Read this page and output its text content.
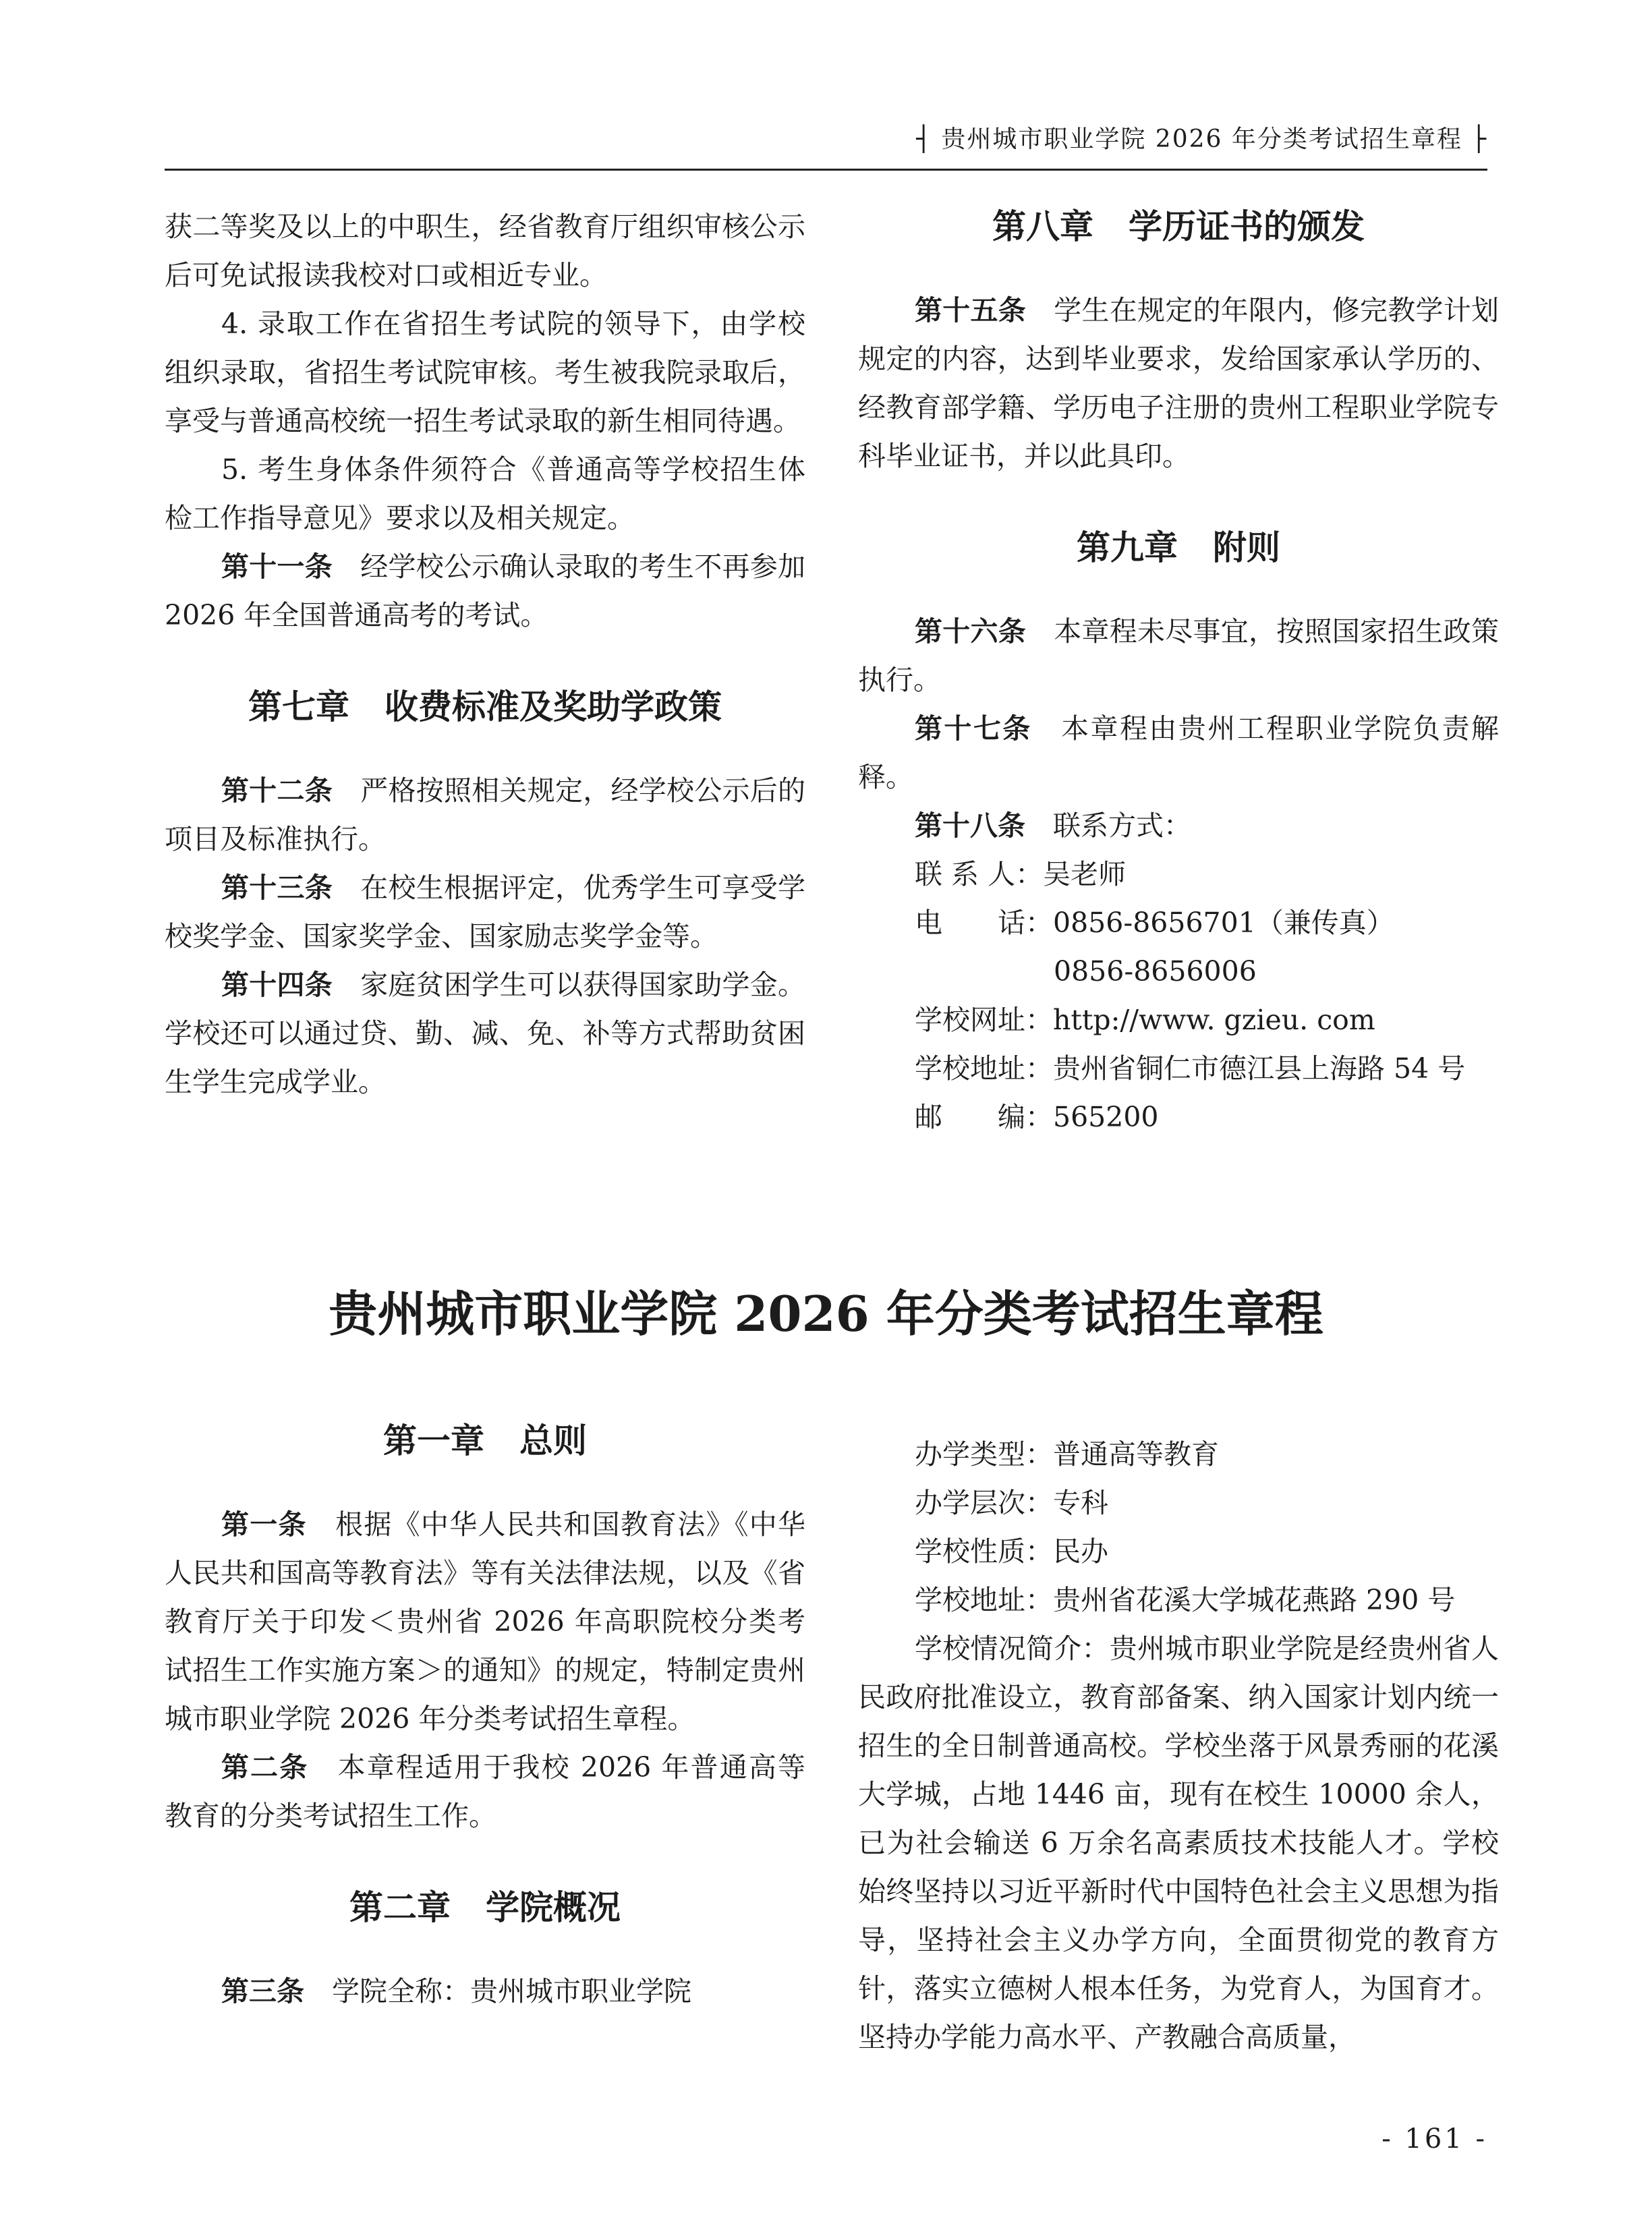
┤ 贵州城市职业学院 2026 年分类考试招生章程 ├

获二等奖及以上的中职生，经省教育厅组织审核公示后可免试报读我校对口或相近专业。

4. 录取工作在省招生考试院的领导下，由学校组织录取，省招生考试院审核。考生被我院录取后，享受与普通高校统一招生考试录取的新生相同待遇。

5. 考生身体条件须符合《普通高等学校招生体检工作指导意见》要求以及相关规定。

第十一条　 经学校公示确认录取的考生不再参加 2026 年全国普通高考的考试。

第七章 收费标准及奖助学政策

第十二条　 严格按照相关规定，经学校公示后的项目及标准执行。

第十三条　 在校生根据评定，优秀学生可享受学校奖学金、国家奖学金、国家励志奖学金等。

第十四条　 家庭贫困学生可以获得国家助学金。学校还可以通过贷、勤、减、免、补等方式帮助贫困生学生完成学业。

第八章 学历证书的颁发

第十五条　 学生在规定的年限内，修完教学计划规定的内容，达到毕业要求，发给国家承认学历的、经教育部学籍、学历电子注册的贵州工程职业学院专科毕业证书，并以此具印。

第九章 附则

第十六条　 本章程未尽事宜，按照国家招生政策执行。

第十七条　 本章程由贵州工程职业学院负责解释。

第十八条　 联系方式：

联 系 人：吴老师

电　　话：0856-8656701（兼传真）

0856-8656006

学校网址：http://www. gzieu. com

学校地址：贵州省铜仁市德江县上海路 54 号

邮　　编：565200

贵州城市职业学院 2026 年分类考试招生章程
第一章 总则

第一条　 根据《中华人民共和国教育法》《中华人民共和国高等教育法》等有关法律法规，以及《省教育厅关于印发＜贵州省 2026 年高职院校分类考试招生工作实施方案＞的通知》的规定，特制定贵州城市职业学院 2026 年分类考试招生章程。

第二条　 本章程适用于我校 2026 年普通高等教育的分类考试招生工作。

第二章 学院概况

第三条　 学院全称：贵州城市职业学院

办学类型：普通高等教育

办学层次：专科

学校性质：民办

学校地址：贵州省花溪大学城花燕路 290 号

学校情况简介：贵州城市职业学院是经贵州省人民政府批准设立，教育部备案、纳入国家计划内统一招生的全日制普通高校。学校坐落于风景秀丽的花溪大学城，占地 1446 亩，现有在校生 10000 余人，已为社会输送 6 万余名高素质技术技能人才。学校始终坚持以习近平新时代中国特色社会主义思想为指导，坚持社会主义办学方向，全面贯彻党的教育方针，落实立德树人根本任务，为党育人，为国育才。坚持办学能力高水平、产教融合高质量，

- 161 -
